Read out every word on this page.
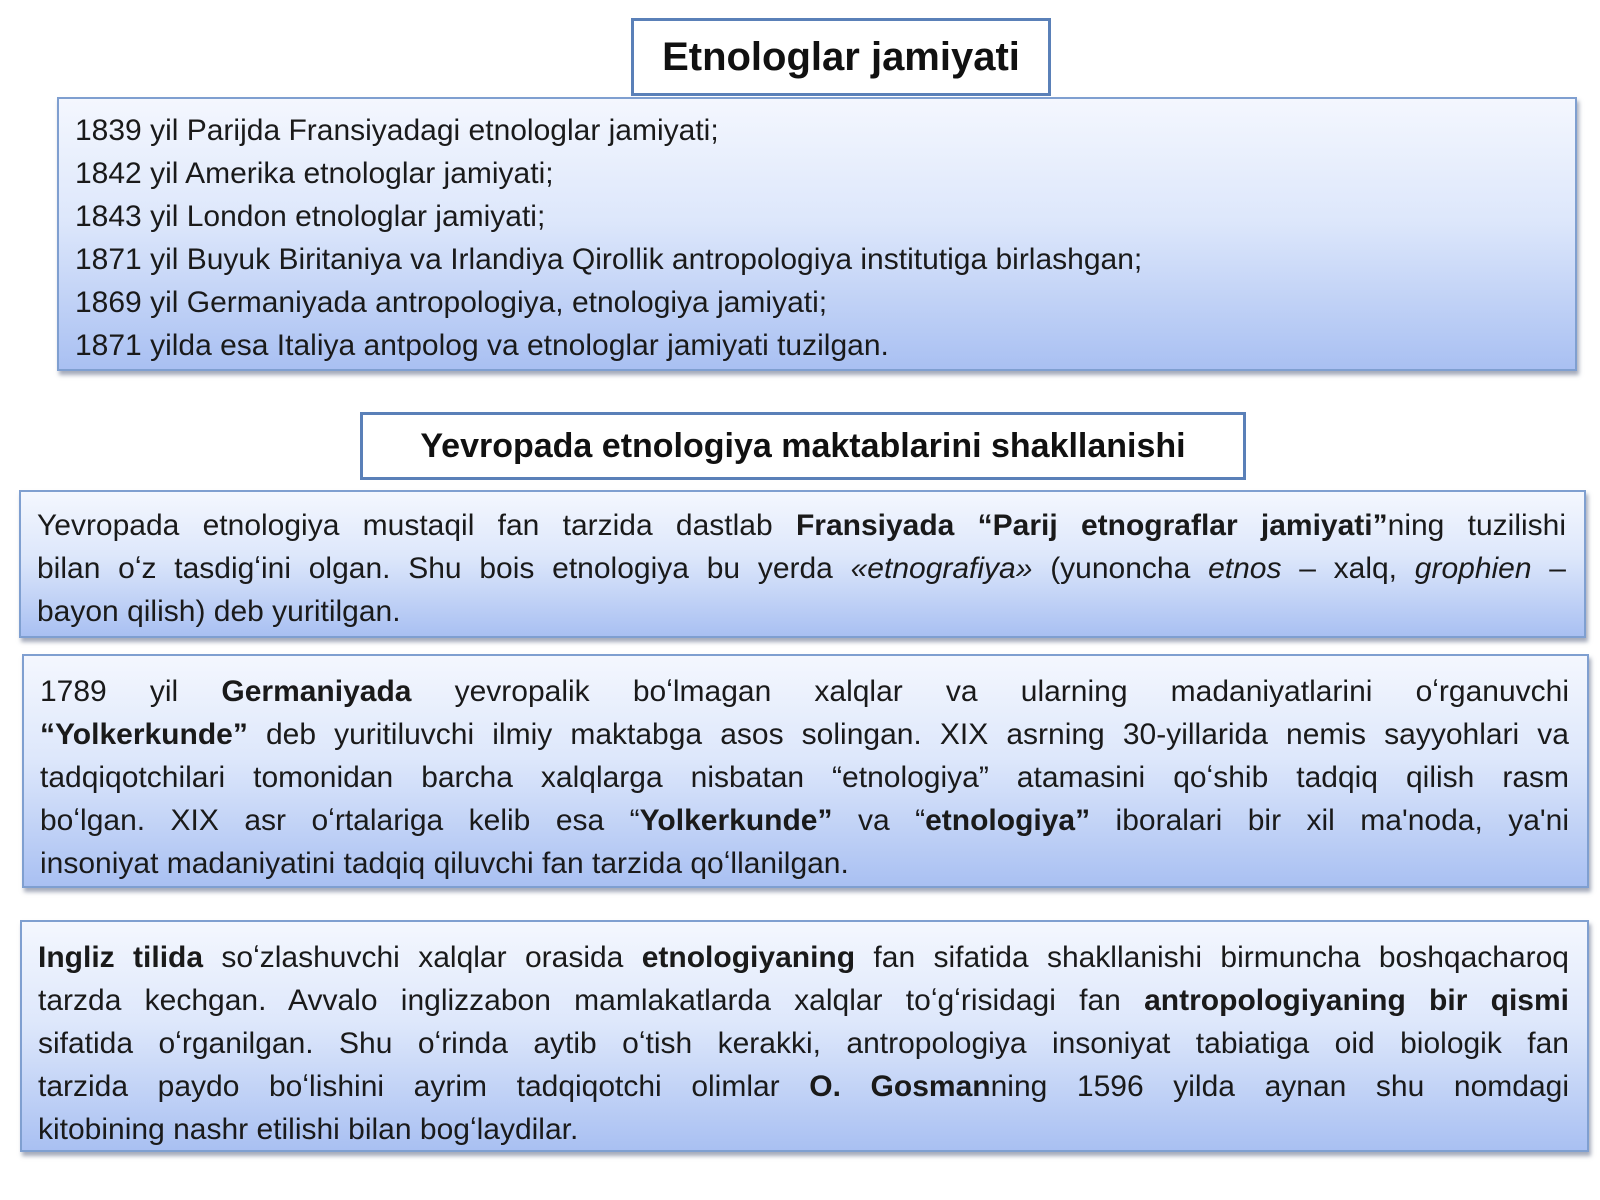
Etnologlar jamiyati
1839 yil Parijda Fransiyadagi etnologlar jamiyati;
1842 yil Amerika etnologlar jamiyati;
1843 yil London etnologlar jamiyati;
1871 yil Buyuk Biritaniya va Irlandiya Qirollik antropologiya institutiga birlashgan;
1869 yil Germaniyada antropologiya, etnologiya jamiyati;
1871 yilda esa Italiya antpolog va etnologlar jamiyati tuzilgan.
Yevropada etnologiya maktablarini shakllanishi
Yevropada etnologiya mustaqil fan tarzida dastlab Fransiyada “Parij etnograflar jamiyati”ning tuzilishi
bilan oʻz tasdigʻini olgan. Shu bois etnologiya bu yerda «etnografiya» (yunoncha etnos – xalq, grophien –
bayon qilish) deb yuritilgan.
1789 yil Germaniyada yevropalik boʻlmagan xalqlar va ularning madaniyatlarini oʻrganuvchi
“Yolkerkunde” deb yuritiluvchi ilmiy maktabga asos solingan. XIX asrning 30-yillarida nemis sayyohlari va
tadqiqotchilari tomonidan barcha xalqlarga nisbatan “etnologiya” atamasini qoʻshib tadqiq qilish rasm
boʻlgan. XIX asr oʻrtalariga kelib esa “Yolkerkunde” va “etnologiya” iboralari bir xil ma'noda, ya'ni
insoniyat madaniyatini tadqiq qiluvchi fan tarzida qoʻllanilgan.
Ingliz tilida soʻzlashuvchi xalqlar orasida etnologiyaning fan sifatida shakllanishi birmuncha boshqacharoq
tarzda kechgan. Avvalo inglizzabon mamlakatlarda xalqlar toʻgʻrisidagi fan antropologiyaning bir qismi
sifatida oʻrganilgan. Shu oʻrinda aytib oʻtish kerakki, antropologiya insoniyat tabiatiga oid biologik fan
tarzida paydo boʻlishini ayrim tadqiqotchi olimlar O. Gosmanning 1596 yilda aynan shu nomdagi
kitobining nashr etilishi bilan bogʻlaydilar.
